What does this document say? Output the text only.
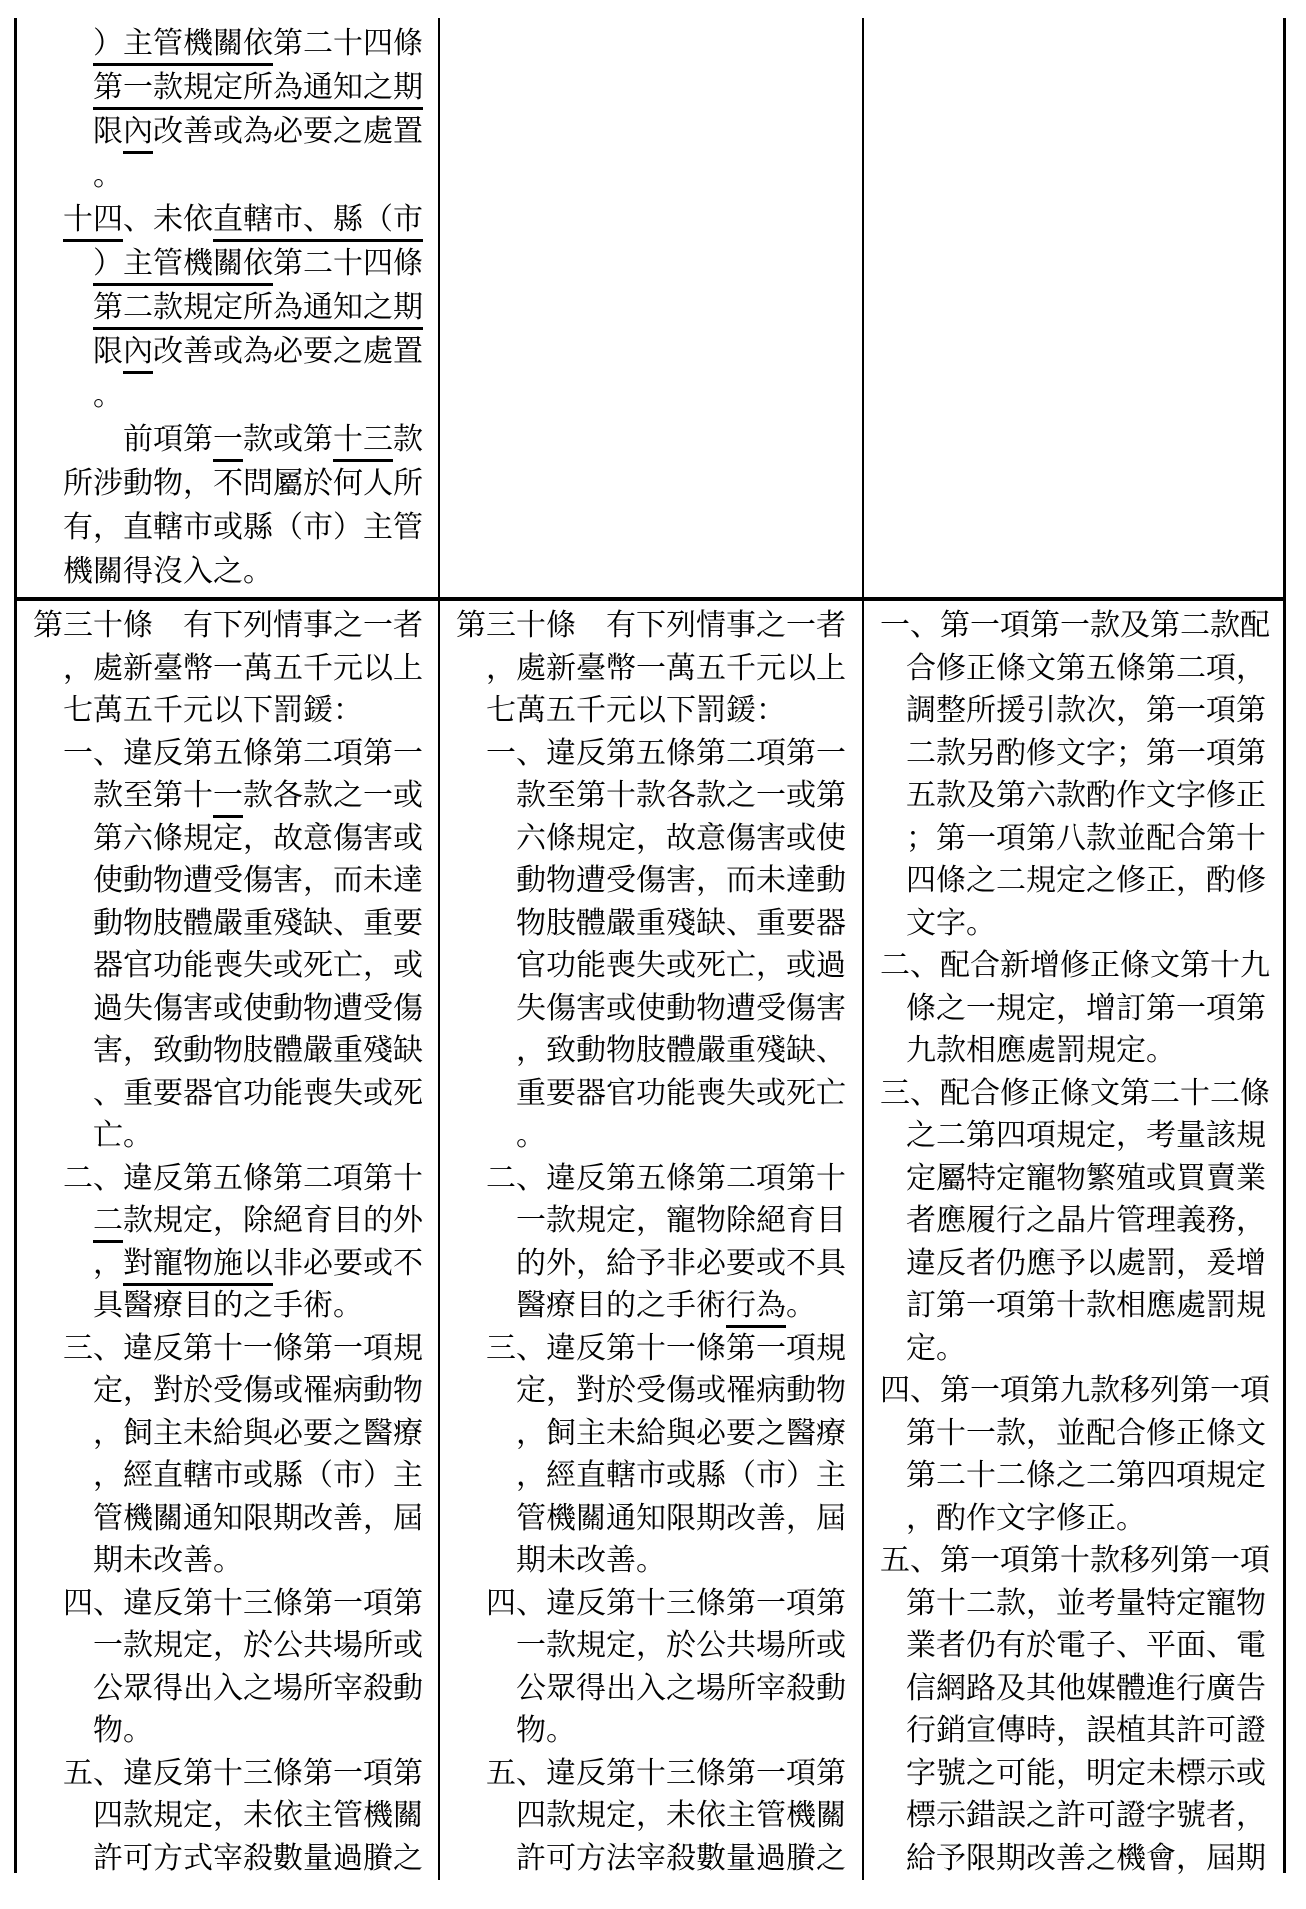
）主管機關依第二十四條
第一款規定所為通知之期
限內改善或為必要之處置
。
十四、未依直轄市、縣（市
）主管機關依第二十四條
第二款規定所為通知之期
限內改善或為必要之處置
。
前項第一款或第十三款
所涉動物，不問屬於何人所
有，直轄市或縣（市）主管
機關得沒入之。
第三十條　有下列情事之一者
，處新臺幣一萬五千元以上
七萬五千元以下罰鍰：
一、違反第五條第二項第一
款至第十一款各款之一或
第六條規定，故意傷害或
使動物遭受傷害，而未達
動物肢體嚴重殘缺、重要
器官功能喪失或死亡，或
過失傷害或使動物遭受傷
害，致動物肢體嚴重殘缺
、重要器官功能喪失或死
亡。
二、違反第五條第二項第十
二款規定，除絕育目的外
，對寵物施以非必要或不
具醫療目的之手術。
三、違反第十一條第一項規
定，對於受傷或罹病動物
，飼主未給與必要之醫療
，經直轄市或縣（市）主
管機關通知限期改善，屆
期未改善。
四、違反第十三條第一項第
一款規定，於公共場所或
公眾得出入之場所宰殺動
物。
五、違反第十三條第一項第
四款規定，未依主管機關
許可方式宰殺數量過賸之
第三十條　有下列情事之一者
，處新臺幣一萬五千元以上
七萬五千元以下罰鍰：
一、違反第五條第二項第一
款至第十款各款之一或第
六條規定，故意傷害或使
動物遭受傷害，而未達動
物肢體嚴重殘缺、重要器
官功能喪失或死亡，或過
失傷害或使動物遭受傷害
，致動物肢體嚴重殘缺、
重要器官功能喪失或死亡
。
二、違反第五條第二項第十
一款規定，寵物除絕育目
的外，給予非必要或不具
醫療目的之手術行為。
三、違反第十一條第一項規
定，對於受傷或罹病動物
，飼主未給與必要之醫療
，經直轄市或縣（市）主
管機關通知限期改善，屆
期未改善。
四、違反第十三條第一項第
一款規定，於公共場所或
公眾得出入之場所宰殺動
物。
五、違反第十三條第一項第
四款規定，未依主管機關
許可方法宰殺數量過賸之
一、第一項第一款及第二款配
合修正條文第五條第二項，
調整所援引款次，第一項第
二款另酌修文字；第一項第
五款及第六款酌作文字修正
；第一項第八款並配合第十
四條之二規定之修正，酌修
文字。
二、配合新增修正條文第十九
條之一規定，增訂第一項第
九款相應處罰規定。
三、配合修正條文第二十二條
之二第四項規定，考量該規
定屬特定寵物繁殖或買賣業
者應履行之晶片管理義務，
違反者仍應予以處罰，爰增
訂第一項第十款相應處罰規
定。
四、第一項第九款移列第一項
第十一款，並配合修正條文
第二十二條之二第四項規定
，酌作文字修正。
五、第一項第十款移列第一項
第十二款，並考量特定寵物
業者仍有於電子、平面、電
信網路及其他媒體進行廣告
行銷宣傳時，誤植其許可證
字號之可能，明定未標示或
標示錯誤之許可證字號者，
給予限期改善之機會，屆期
